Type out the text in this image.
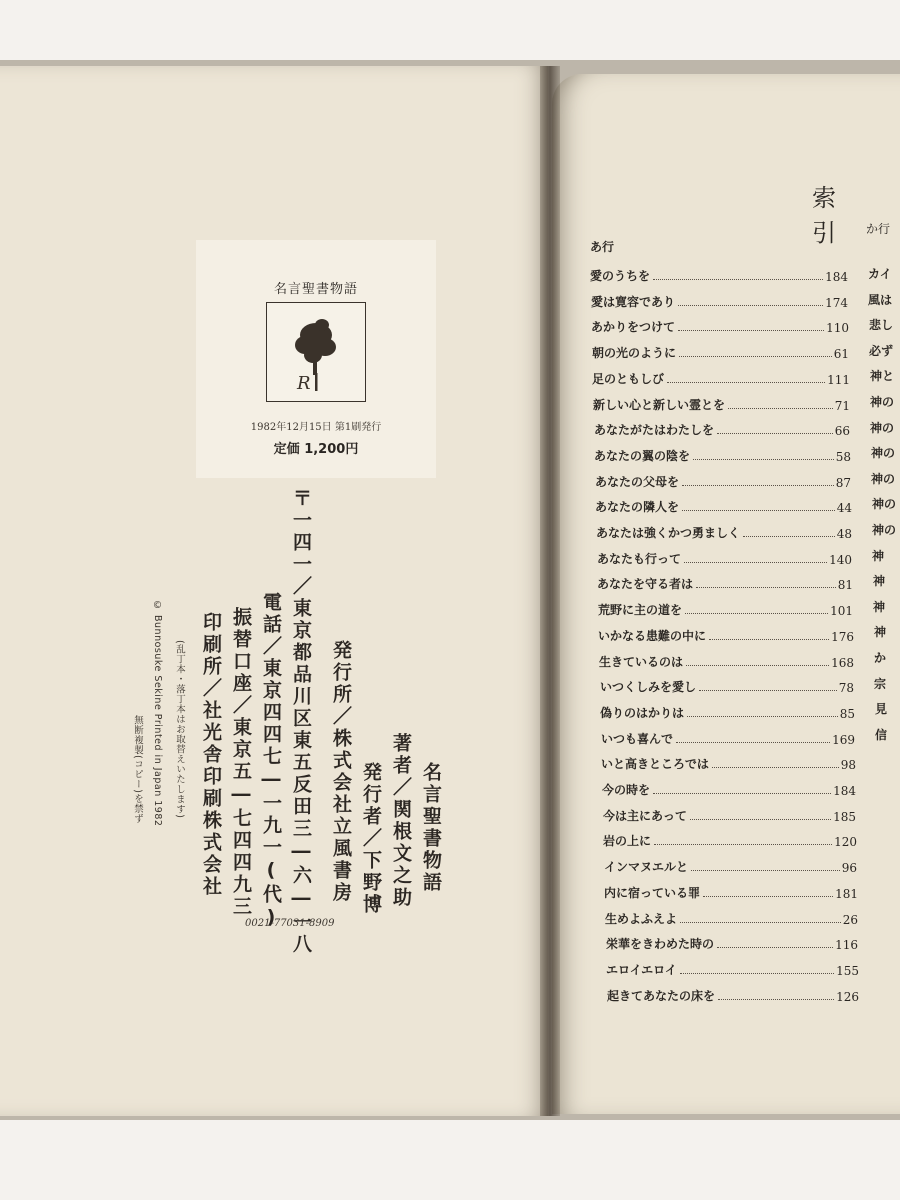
名言聖書物語
R
1982年12月15日 第1刷発行
定価 1,200円
名言聖書物語
著者／関根文之助
発行者／下野博
発行所／株式会社立風書房
〒一四一／東京都品川区東五反田三―六―一八
電話／東京四四七―一九一(代)
振替口座／東京五―七四四九三
印刷所／社光舎印刷株式会社
© Bunnosuke Sekine Printed in Japan 1982 (乱丁本・落丁本はお取替えいたします)
無断複製(コピー)を禁ず
0021-77031-8909
索引
あ行
か行
愛のうちを	184
愛は寛容であり	174
あかりをつけて	110
朝の光のように	61
足のともしび	111
新しい心と新しい霊とを	71
あなたがたはわたしを	66
あなたの翼の陰を	58
あなたの父母を	87
あなたの隣人を	44
あなたは強くかつ勇ましく	48
あなたも行って	140
あなたを守る者は	81
荒野に主の道を	101
いかなる患難の中に	176
生きているのは	168
いつくしみを愛し	78
偽りのはかりは	85
いつも喜んで	169
いと高きところでは	98
今の時を	184
今は主にあって	185
岩の上に	120
インマヌエルと	96
内に宿っている罪	181
生めよふえよ	26
栄華をきわめた時の	116
エロイエロイ	155
起きてあなたの床を	126
カイ
風は
悲し
必ず
神と
神の
神の
神の
神の
神の
神の
神
神
神
神
か
宗
見
信
